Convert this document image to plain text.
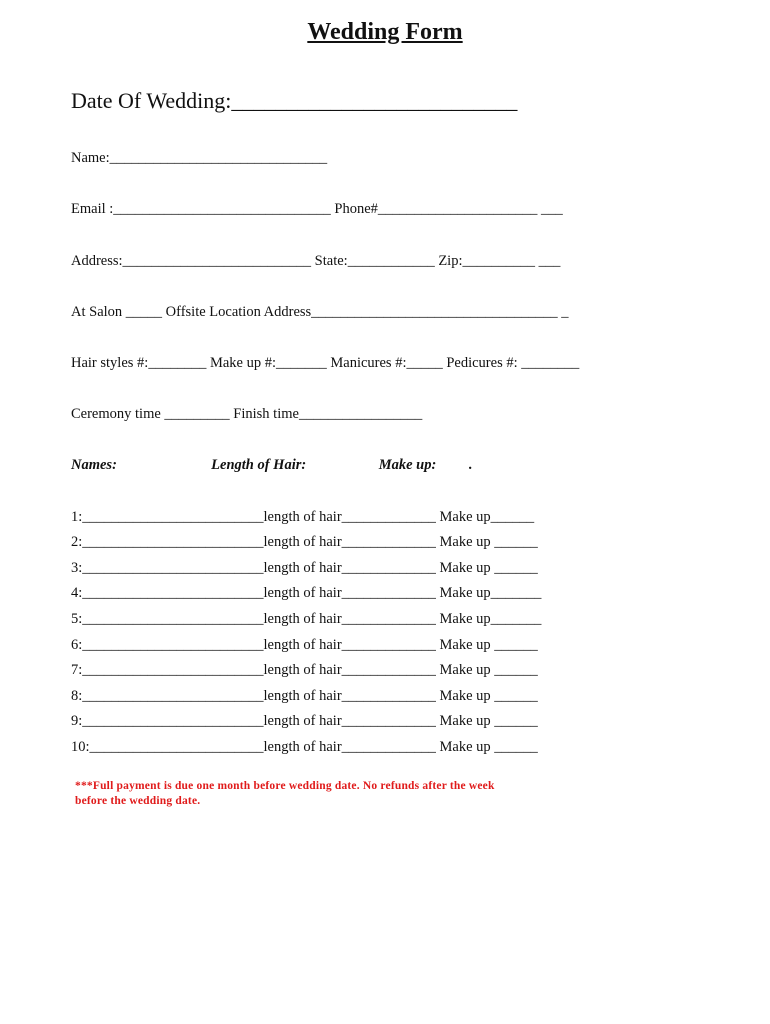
Wedding Form
Date Of Wedding:__________________________
Name:______________________________
Email :______________________________ Phone#______________________ ___
Address:__________________________ State:____________ Zip:__________ ___
At Salon _____ Offsite Location Address__________________________________ _
Hair styles #:________ Make up #:_______ Manicures #:_____ Pedicures #: ________
Ceremony time _________ Finish time_________________
Names:                          Length of Hair:                    Make up:         .
1:_________________________length of hair_____________ Make up______
2:_________________________length of hair_____________ Make up ______
3:_________________________length of hair_____________ Make up ______
4:_________________________length of hair_____________ Make up_______
5:_________________________length of hair_____________ Make up_______
6:_________________________length of hair_____________ Make up ______
7:_________________________length of hair_____________ Make up ______
8:_________________________length of hair_____________ Make up ______
9:_________________________length of hair_____________ Make up ______
10:________________________length of hair_____________ Make up ______
***Full payment is due one month before wedding date. No refunds after the week before the wedding date.
